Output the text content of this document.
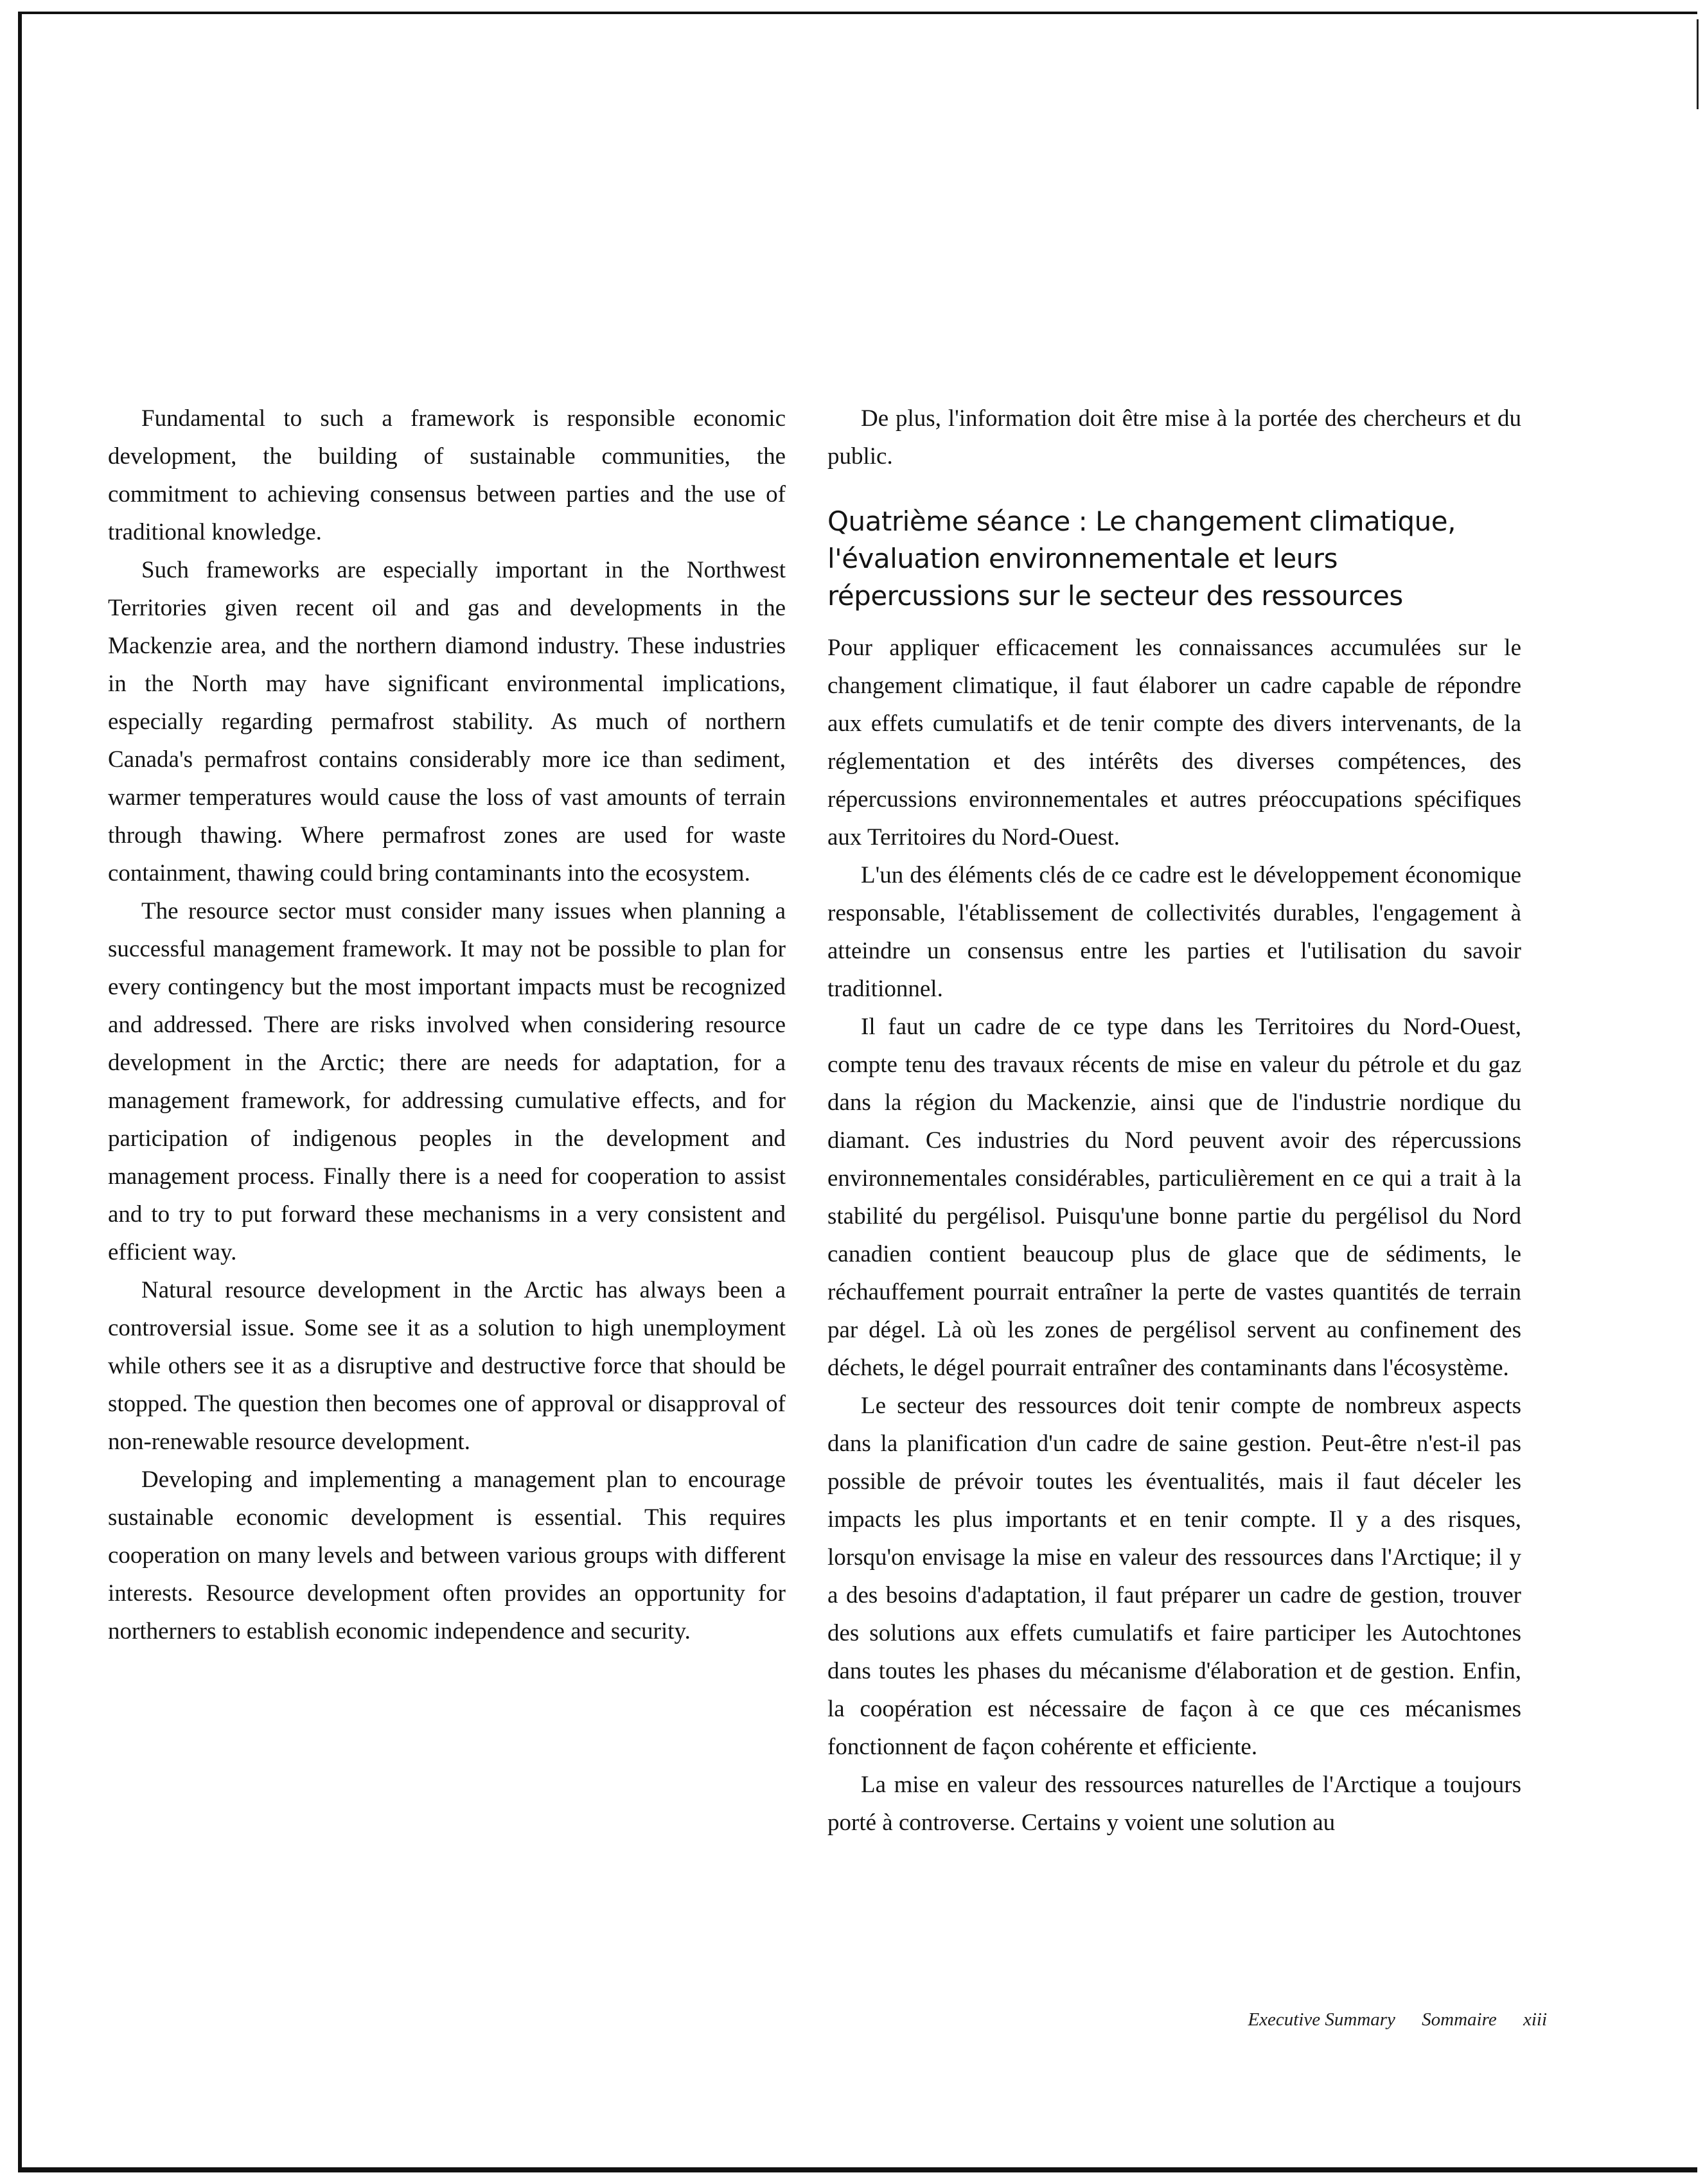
Fundamental to such a framework is responsible economic development, the building of sustainable communities, the commitment to achieving consensus between parties and the use of traditional knowledge.

Such frameworks are especially important in the Northwest Territories given recent oil and gas and developments in the Mackenzie area, and the northern diamond industry. These industries in the North may have significant environmental implications, especially regarding permafrost stability. As much of northern Canada's permafrost contains considerably more ice than sediment, warmer temperatures would cause the loss of vast amounts of terrain through thawing. Where permafrost zones are used for waste containment, thawing could bring contaminants into the ecosystem.

The resource sector must consider many issues when planning a successful management framework. It may not be possible to plan for every contingency but the most important impacts must be recognized and addressed. There are risks involved when considering resource development in the Arctic; there are needs for adaptation, for a management framework, for addressing cumulative effects, and for participation of indigenous peoples in the development and management process. Finally there is a need for cooperation to assist and to try to put forward these mechanisms in a very consistent and efficient way.

Natural resource development in the Arctic has always been a controversial issue. Some see it as a solution to high unemployment while others see it as a disruptive and destructive force that should be stopped. The question then becomes one of approval or disapproval of non-renewable resource development.

Developing and implementing a management plan to encourage sustainable economic development is essential. This requires cooperation on many levels and between various groups with different interests. Resource development often provides an opportunity for northerners to establish economic independence and security.

De plus, l'information doit être mise à la portée des chercheurs et du public.

Quatrième séance : Le changement climatique, l'évaluation environnementale et leurs répercussions sur le secteur des ressources

Pour appliquer efficacement les connaissances accumulées sur le changement climatique, il faut élaborer un cadre capable de répondre aux effets cumulatifs et de tenir compte des divers intervenants, de la réglementation et des intérêts des diverses compétences, des répercussions environnementales et autres préoccupations spécifiques aux Territoires du Nord-Ouest.

L'un des éléments clés de ce cadre est le développement économique responsable, l'établissement de collectivités durables, l'engagement à atteindre un consensus entre les parties et l'utilisation du savoir traditionnel.

Il faut un cadre de ce type dans les Territoires du Nord-Ouest, compte tenu des travaux récents de mise en valeur du pétrole et du gaz dans la région du Mackenzie, ainsi que de l'industrie nordique du diamant. Ces industries du Nord peuvent avoir des répercussions environnementales considérables, particulièrement en ce qui a trait à la stabilité du pergélisol. Puisqu'une bonne partie du pergélisol du Nord canadien contient beaucoup plus de glace que de sédiments, le réchauffement pourrait entraîner la perte de vastes quantités de terrain par dégel. Là où les zones de pergélisol servent au confinement des déchets, le dégel pourrait entraîner des contaminants dans l'écosystème.

Le secteur des ressources doit tenir compte de nombreux aspects dans la planification d'un cadre de saine gestion. Peut-être n'est-il pas possible de prévoir toutes les éventualités, mais il faut déceler les impacts les plus importants et en tenir compte. Il y a des risques, lorsqu'on envisage la mise en valeur des ressources dans l'Arctique; il y a des besoins d'adaptation, il faut préparer un cadre de gestion, trouver des solutions aux effets cumulatifs et faire participer les Autochtones dans toutes les phases du mécanisme d'élaboration et de gestion. Enfin, la coopération est nécessaire de façon à ce que ces mécanismes fonctionnent de façon cohérente et efficiente.

La mise en valeur des ressources naturelles de l'Arctique a toujours porté à controverse. Certains y voient une solution au

Executive Summary Sommaire xiii
